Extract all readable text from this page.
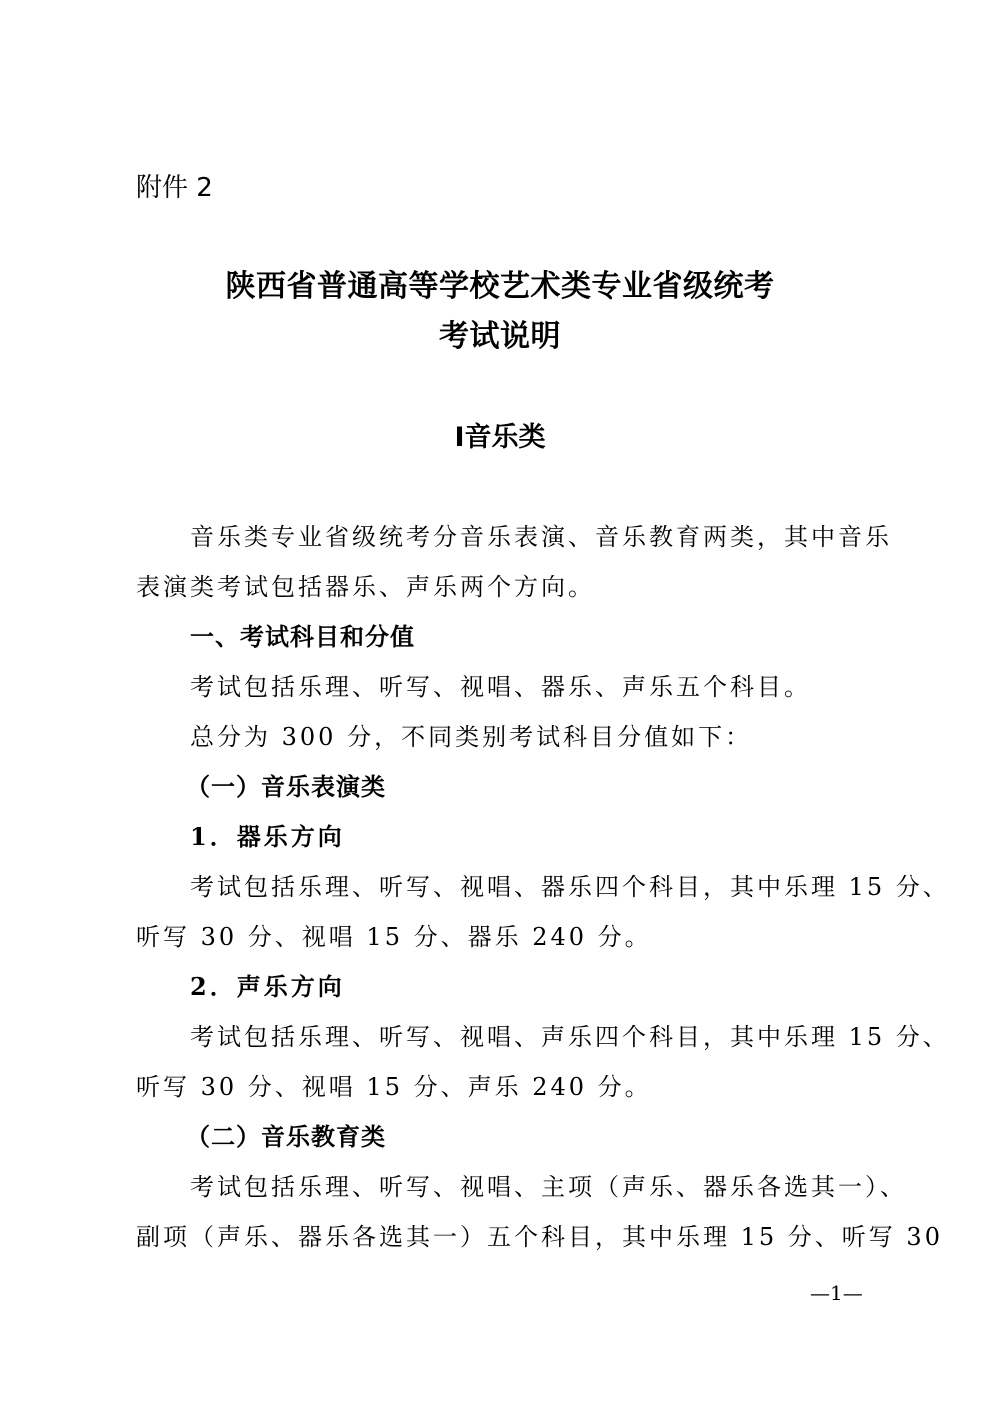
附件 2
陕西省普通高等学校艺术类专业省级统考
考试说明
Ⅰ音乐类
音乐类专业省级统考分音乐表演、音乐教育两类，其中音乐
表演类考试包括器乐、声乐两个方向。
一、考试科目和分值
考试包括乐理、听写、视唱、器乐、声乐五个科目。
总分为 300 分，不同类别考试科目分值如下：
（一）音乐表演类
1．器乐方向
考试包括乐理、听写、视唱、器乐四个科目，其中乐理 15 分、
听写 30 分、视唱 15 分、器乐 240 分。
2．声乐方向
考试包括乐理、听写、视唱、声乐四个科目，其中乐理 15 分、
听写 30 分、视唱 15 分、声乐 240 分。
（二）音乐教育类
考试包括乐理、听写、视唱、主项（声乐、器乐各选其一）、
副项（声乐、器乐各选其一）五个科目，其中乐理 15 分、听写 30
—1—
